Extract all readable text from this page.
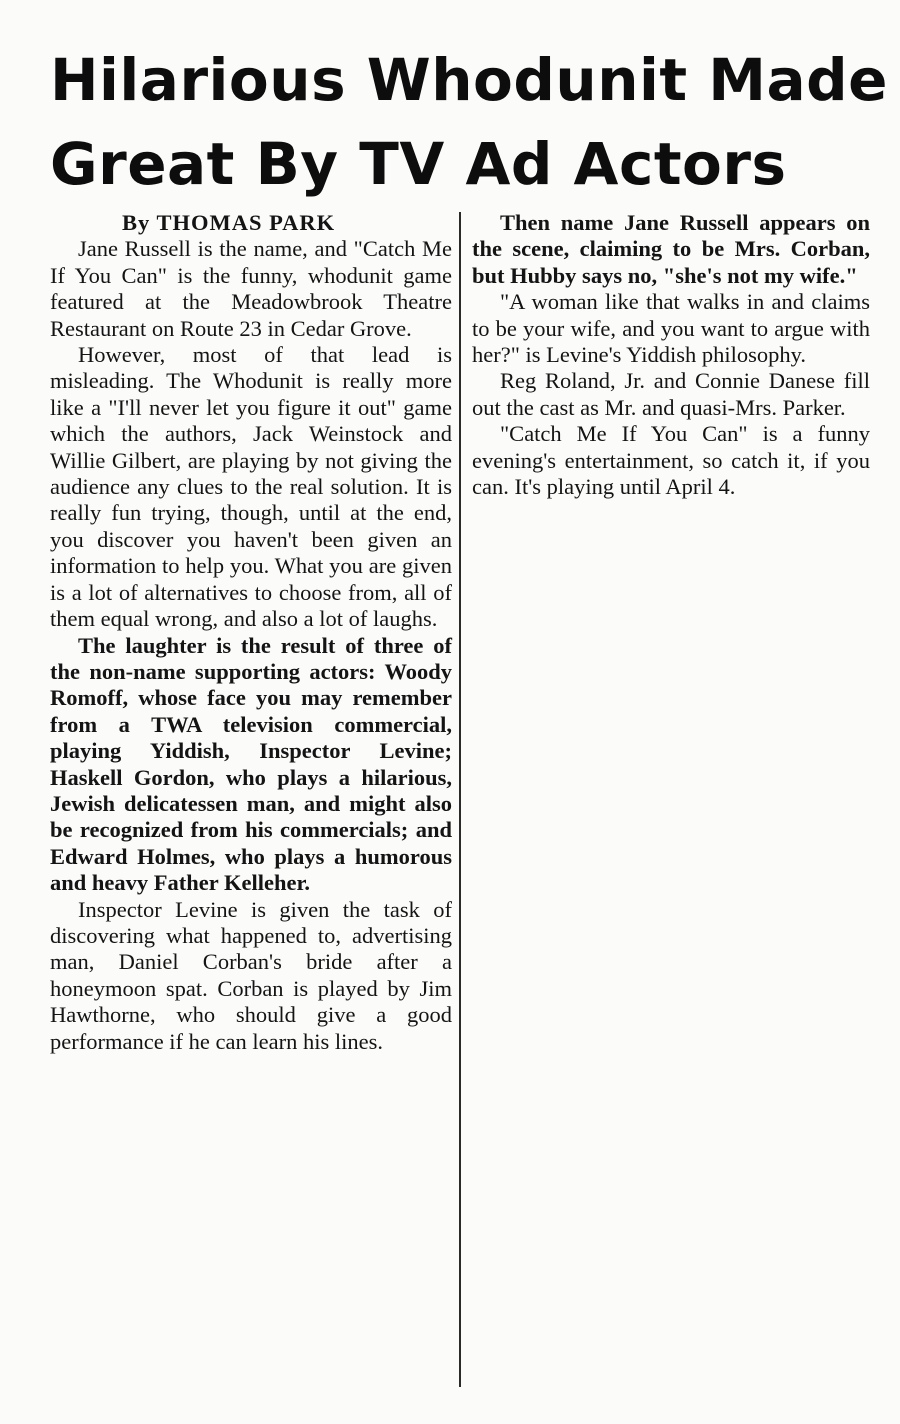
Hilarious Whodunit Made
Great By TV Ad Actors

By THOMAS PARK

Jane Russell is the name, and "Catch Me If You Can" is the funny, whodunit game featured at the Meadowbrook Theatre Restaurant on Route 23 in Cedar Grove.

However, most of that lead is misleading. The Whodunit is really more like a "I'll never let you figure it out" game which the authors, Jack Weinstock and Willie Gilbert, are playing by not giving the audience any clues to the real solution. It is really fun trying, though, until at the end, you discover you haven't been given an information to help you. What you are given is a lot of alternatives to choose from, all of them equal wrong, and also a lot of laughs.

The laughter is the result of three of the non-name supporting actors: Woody Romoff, whose face you may remember from a TWA television commercial, playing Yiddish, Inspector Levine; Haskell Gordon, who plays a hilarious, Jewish delicatessen man, and might also be recognized from his commercials; and Edward Holmes, who plays a humorous and heavy Father Kelleher.

Inspector Levine is given the task of discovering what happened to, advertising man, Daniel Corban's bride after a honeymoon spat. Corban is played by Jim Hawthorne, who should give a good performance if he can learn his lines.

Then name Jane Russell appears on the scene, claiming to be Mrs. Corban, but Hubby says no, "she's not my wife."

"A woman like that walks in and claims to be your wife, and you want to argue with her?" is Levine's Yiddish philosophy.

Reg Roland, Jr. and Connie Danese fill out the cast as Mr. and quasi-Mrs. Parker.

"Catch Me If You Can" is a funny evening's entertainment, so catch it, if you can. It's playing until April 4.
